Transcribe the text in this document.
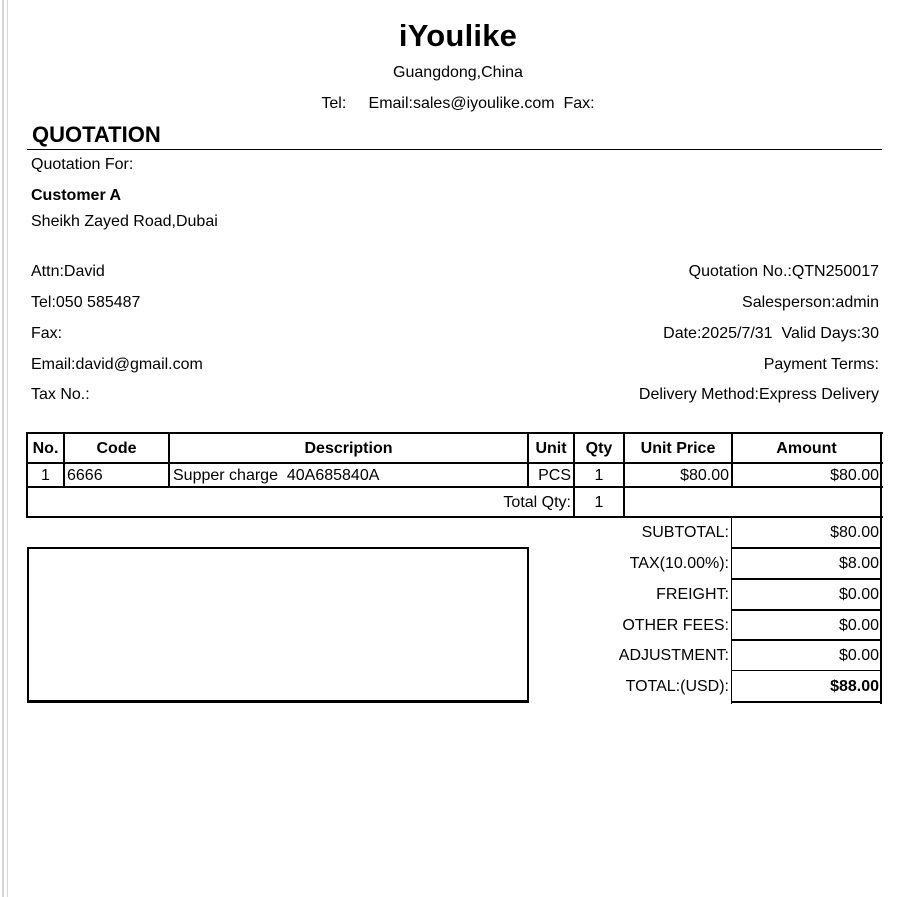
iYoulike
Guangdong,China
Tel:     Email:sales@iyoulike.com  Fax:
QUOTATION
Quotation For:
Customer A
Sheikh Zayed Road,Dubai
Attn:David
Tel:050 585487
Fax:
Email:david@gmail.com
Tax No.:
Quotation No.:QTN250017
Salesperson:admin
Date:2025/7/31  Valid Days:30
Payment Terms:
Delivery Method:Express Delivery
No.	Code	Description	Unit	Qty	Unit Price	Amount
1	6666	Supper charge  40A685840A	PCS	1	$80.00	$80.00
Total Qty:	1
SUBTOTAL:	$80.00
TAX(10.00%):	$8.00
FREIGHT:	$0.00
OTHER FEES:	$0.00
ADJUSTMENT:	$0.00
TOTAL:(USD):	$88.00
